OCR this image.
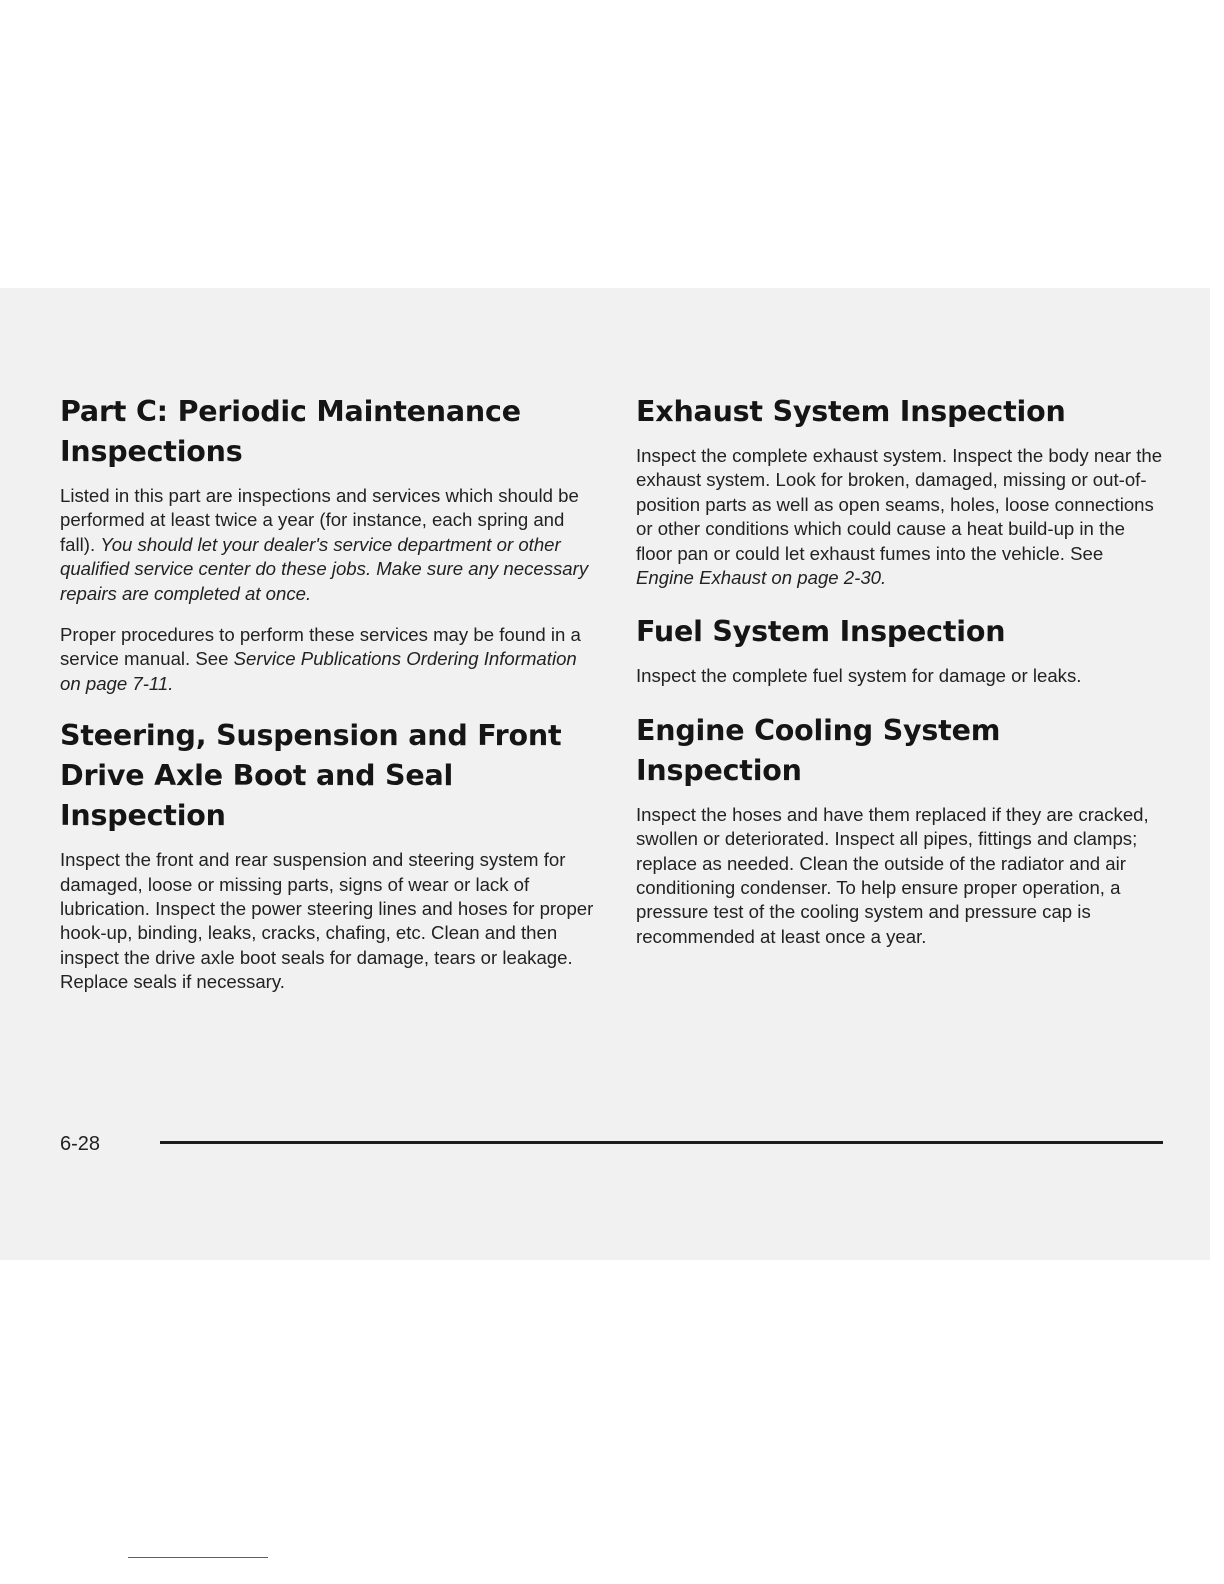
Part C: Periodic Maintenance
Inspections

Listed in this part are inspections and services which should be performed at least twice a year (for instance, each spring and fall). You should let your dealer's service department or other qualified service center do these jobs. Make sure any necessary repairs are completed at once.

Proper procedures to perform these services may be found in a service manual. See Service Publications Ordering Information on page 7-11.

Steering, Suspension and Front
Drive Axle Boot and Seal Inspection

Inspect the front and rear suspension and steering system for damaged, loose or missing parts, signs of wear or lack of lubrication. Inspect the power steering lines and hoses for proper hook-up, binding, leaks, cracks, chafing, etc. Clean and then inspect the drive axle boot seals for damage, tears or leakage. Replace seals if necessary.

Exhaust System Inspection

Inspect the complete exhaust system. Inspect the body near the exhaust system. Look for broken, damaged, missing or out-of-position parts as well as open seams, holes, loose connections or other conditions which could cause a heat build-up in the floor pan or could let exhaust fumes into the vehicle. See Engine Exhaust on page 2-30.

Fuel System Inspection

Inspect the complete fuel system for damage or leaks.

Engine Cooling System Inspection

Inspect the hoses and have them replaced if they are cracked, swollen or deteriorated. Inspect all pipes, fittings and clamps; replace as needed. Clean the outside of the radiator and air conditioning condenser. To help ensure proper operation, a pressure test of the cooling system and pressure cap is recommended at least once a year.

6-28
